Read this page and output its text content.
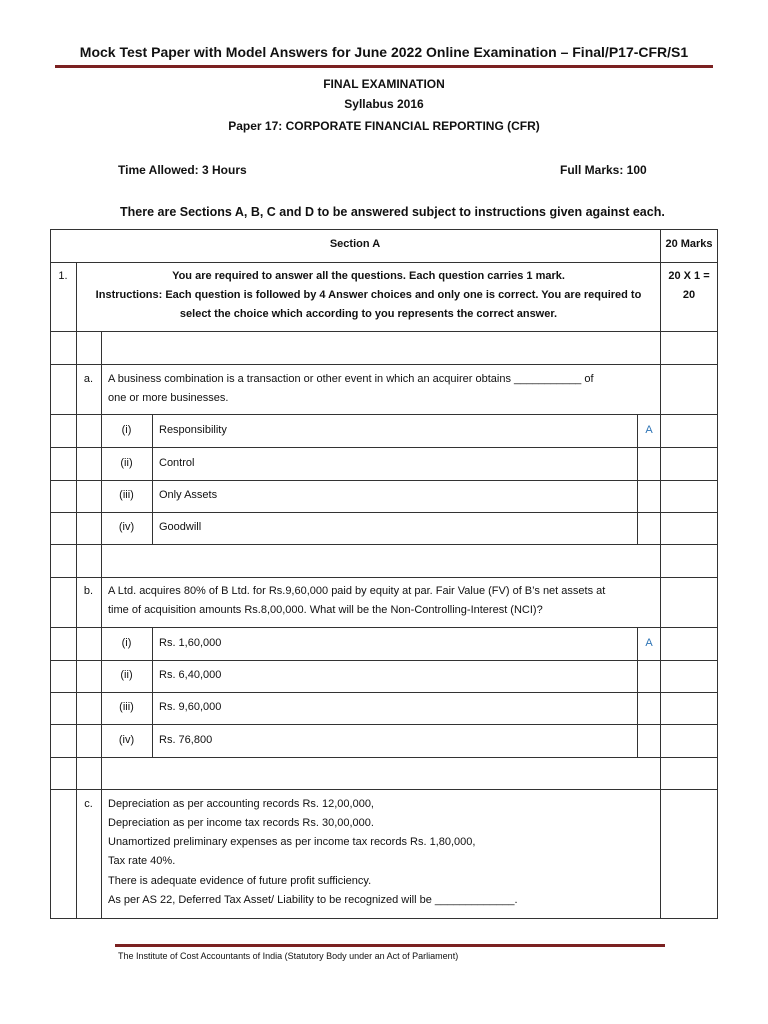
Mock Test Paper with Model Answers for June 2022 Online Examination – Final/P17-CFR/S1
FINAL EXAMINATION
Syllabus 2016
Paper 17: CORPORATE FINANCIAL REPORTING (CFR)
Time Allowed: 3 Hours	Full Marks: 100
There are Sections A, B, C and D to be answered subject to instructions given against each.
Section A	20 Marks
1.	You are required to answer all the questions. Each question carries 1 mark.
Instructions: Each question is followed by 4 Answer choices and only one is correct. You are required to
select the choice which according to you represents the correct answer.
20 X 1 =
20
a.	A business combination is a transaction or other event in which an acquirer obtains ___________ of
one or more businesses.
(i)	Responsibility	A
(ii)	Control
(iii)	Only Assets
(iv)	Goodwill
b.	A Ltd. acquires 80% of B Ltd. for Rs.9,60,000 paid by equity at par. Fair Value (FV) of B’s net assets at
time of acquisition amounts Rs.8,00,000. What will be the Non-Controlling-Interest (NCI)?
(i)	Rs. 1,60,000	A
(ii)	Rs. 6,40,000
(iii)	Rs. 9,60,000
(iv)	Rs. 76,800
c.	Depreciation as per accounting records Rs. 12,00,000,
Depreciation as per income tax records Rs. 30,00,000.
Unamortized preliminary expenses as per income tax records Rs. 1,80,000,
Tax rate 40%.
There is adequate evidence of future profit sufficiency.
As per AS 22, Deferred Tax Asset/ Liability to be recognized will be _____________.
The Institute of Cost Accountants of India (Statutory Body under an Act of Parliament)
